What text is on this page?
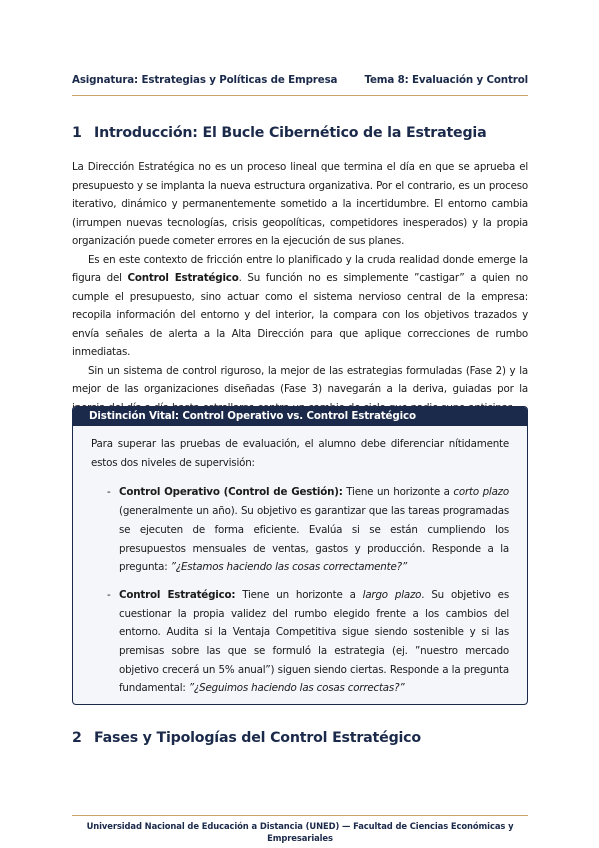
Asignatura: Estrategias y Políticas de Empresa	Tema 8: Evaluación y Control
1 Introducción: El Bucle Cibernético de la Estrategia

La Dirección Estratégica no es un proceso lineal que termina el día en que se aprueba el presupuesto y se implanta la nueva estructura organizativa. Por el contrario, es un proceso iterativo, dinámico y permanentemente sometido a la incertidumbre. El entorno cambia (irrumpen nuevas tecnologías, crisis geopolíticas, competidores inesperados) y la propia organización puede cometer errores en la ejecución de sus planes.

Es en este contexto de fricción entre lo planificado y la cruda realidad donde emerge la figura del Control Estratégico. Su función no es simplemente ”castigar” a quien no cumple el presupuesto, sino actuar como el sistema nervioso central de la empresa: recopila información del entorno y del interior, la compara con los objetivos trazados y envía señales de alerta a la Alta Dirección para que aplique correcciones de rumbo inmediatas.

Sin un sistema de control riguroso, la mejor de las estrategias formuladas (Fase 2) y la mejor de las organizaciones diseñadas (Fase 3) navegarán a la deriva, guiadas por la

Distinción Vital: Control Operativo vs. Control Estratégico

Para superar las pruebas de evaluación, el alumno debe diferenciar nítidamente estos dos niveles de supervisión:

- Control Operativo (Control de Gestión): Tiene un horizonte a corto plazo (generalmente un año). Su objetivo es garantizar que las tareas programadas se ejecuten de forma eficiente. Evalúa si se están cumpliendo los presupuestos mensuales de ventas, gastos y producción. Responde a la pregunta: ”¿Estamos haciendo las cosas correctamente?”
- Control Estratégico: Tiene un horizonte a largo plazo. Su objetivo es cuestionar la propia validez del rumbo elegido frente a los cambios del entorno. Audita si la Ventaja Competitiva sigue siendo sostenible y si las premisas sobre las que se formuló la estrategia (ej. ”nuestro mercado objetivo crecerá un 5% anual”) siguen siendo ciertas. Responde a la pregunta fundamental: ”¿Seguimos haciendo las cosas correctas?”
2 Fases y Tipologías del Control Estratégico
Universidad Nacional de Educación a Distancia (UNED) — Facultad de Ciencias Económicas y
Empresariales
